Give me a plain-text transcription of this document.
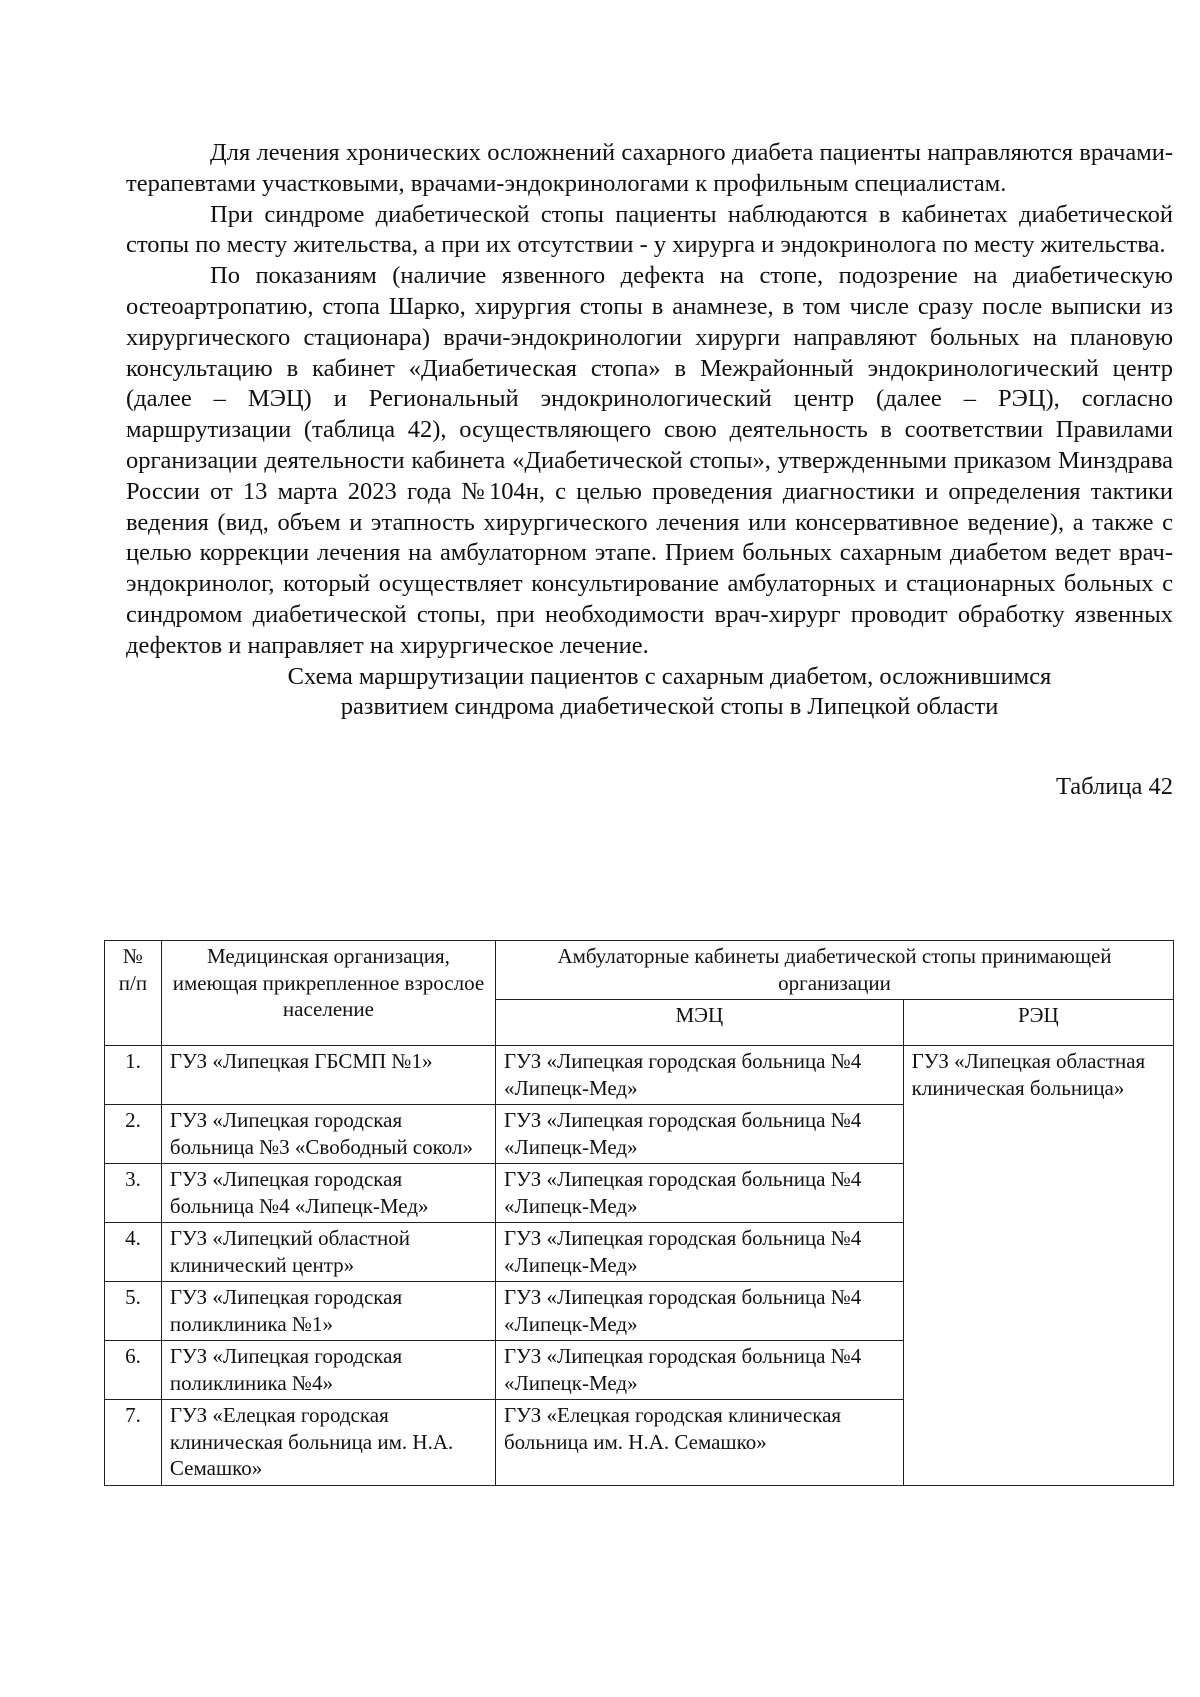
Для лечения хронических осложнений сахарного диабета пациенты направляются врачами-терапевтами участковыми, врачами-эндокринологами к профильным специалистам.

При синдроме диабетической стопы пациенты наблюдаются в кабинетах диабетической стопы по месту жительства, а при их отсутствии - у хирурга и эндокринолога по месту жительства.

По показаниям (наличие язвенного дефекта на стопе, подозрение на диабетическую остеоартропатию, стопа Шарко, хирургия стопы в анамнезе, в том числе сразу после выписки из хирургического стационара) врачи-эндокринологии хирурги направляют больных на плановую консультацию в кабинет «Диабетическая стопа» в Межрайонный эндокринологический центр (далее – МЭЦ) и Региональный эндокринологический центр (далее – РЭЦ), согласно маршрутизации (таблица 42), осуществляющего свою деятельность в соответствии Правилами организации деятельности кабинета «Диабетической стопы», утвержденными приказом Минздрава России от 13 марта 2023 года №104н, с целью проведения диагностики и определения тактики ведения (вид, объем и этапность хирургического лечения или консервативное ведение), а также с целью коррекции лечения на амбулаторном этапе. Прием больных сахарным диабетом ведет врач-эндокринолог, который осуществляет консультирование амбулаторных и стационарных больных с синдромом диабетической стопы, при необходимости врач-хирург проводит обработку язвенных дефектов и направляет на хирургическое лечение.

Схема маршрутизации пациентов с сахарным диабетом, осложнившимся

развитием синдрома диабетической стопы в Липецкой области

Таблица 42

№ п/п	Медицинская организация, имеющая прикрепленное взрослое население	Амбулаторные кабинеты диабетической стопы принимающей организации	
		МЭЦ	РЭЦ
1.	ГУЗ «Липецкая ГБСМП №1»	ГУЗ «Липецкая городская больница №4 «Липецк-Мед»	ГУЗ «Липецкая областная клиническая больница»
2.	ГУЗ «Липецкая городская больница №3 «Свободный сокол»	ГУЗ «Липецкая городская больница №4 «Липецк-Мед»	
3.	ГУЗ «Липецкая городская больница №4 «Липецк-Мед»	ГУЗ «Липецкая городская больница №4 «Липецк-Мед»	
4.	ГУЗ «Липецкий областной клинический центр»	ГУЗ «Липецкая городская больница №4 «Липецк-Мед»	
5.	ГУЗ «Липецкая городская поликлиника №1»	ГУЗ «Липецкая городская больница №4 «Липецк-Мед»	
6.	ГУЗ «Липецкая городская поликлиника №4»	ГУЗ «Липецкая городская больница №4 «Липецк-Мед»	
7.	ГУЗ «Елецкая городская клиническая больница им. Н.А. Семашко»	ГУЗ «Елецкая городская клиническая больница им. Н.А. Семашко»	
